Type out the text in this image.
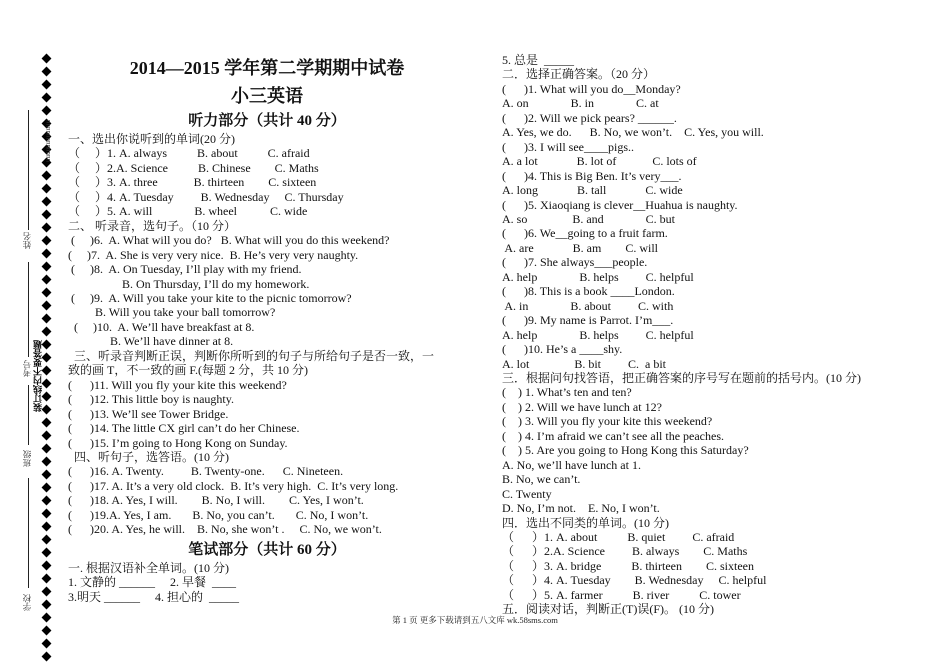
姓名
考号
班级
学校
装订线内不要答题
uuuuuuuuuuuu
2014—2015 学年第二学期期中试卷
小三英语
听力部分（共计 40 分）
一、选出你说听到的单词(20 分)
（     ）1. A. always          B. about          C. afraid
（     ）2.A. Science          B. Chinese        C. Maths
（     ）3. A. three            B. thirteen        C. sixteen
（     ）4. A. Tuesday         B. Wednesday     C. Thursday
（     ）5. A. will              B. wheel           C. wide
二、 听录音，选句子。（10 分）
(     )6.  A. What will you do?   B. What will you do this weekend?
(     )7.  A. She is very very nice.  B. He’s very very naughty.
(     )8.  A. On Tuesday, I’ll play with my friend.
B. On Thursday, I’ll do my homework.
(     )9.  A. Will you take your kite to the picnic tomorrow?
B. Will you take your ball tomorrow?
(     )10.  A. We’ll have breakfast at 8.
B. We’ll have dinner at 8.
三、听录音判断正误，判断你所听到的句子与所给句子是否一致，一
致的画 T，不一致的画 F.(每题 2 分，共 10 分)
(      )11. Will you fly your kite this weekend?
(      )12. This little boy is naughty.
(      )13. We’ll see Tower Bridge.
(      )14. The little CX girl can’t do her Chinese.
(      )15. I’m going to Hong Kong on Sunday.
四、听句子，选答语。(10 分)
(      )16. A. Twenty.         B. Twenty-one.      C. Nineteen.
(      )17. A. It’s a very old clock.  B. It’s very high.  C. It’s very long.
(      )18. A. Yes, I will.        B. No, I will.        C. Yes, I won’t.
(      )19.A. Yes, I am.       B. No, you can’t.       C. No, I won’t.
(      )20. A. Yes, he will.    B. No, she won’t .     C. No, we won’t.
笔试部分（共计 60 分）
一. 根据汉语补全单词。(10 分)
1. 文静的 ______     2. 早餐  ____
3.明天 ______     4. 担心的  _____
5. 总是  _____
二．选择正确答案。（20 分）
(      )1. What will you do__Monday?
A. on              B. in              C. at
(      )2. Will we pick pears? ______.
A. Yes, we do.      B. No, we won’t.    C. Yes, you will.
(      )3. I will see____pigs..
A. a lot             B. lot of            C. lots of
(      )4. This is Big Ben. It’s very___.
A. long             B. tall             C. wide
(      )5. Xiaoqiang is clever__Huahua is naughty.
A. so               B. and              C. but
(      )6. We__going to a fruit farm.
A. are             B. am        C. will
(      )7. She always___people.
A. help              B. helps         C. helpful
(      )8. This is a book ____London.
A. in              B. about         C. with
(      )9. My name is Parrot. I’m___.
A. help              B. helps         C. helpful
(      )10. He’s a ____shy.
A. lot               B. bit         C.  a bit
三．根据问句找答语，把正确答案的序号写在题前的括号内。(10 分)
(    ) 1. What’s ten and ten?
(    ) 2. Will we have lunch at 12?
(    ) 3. Will you fly your kite this weekend?
(    ) 4. I’m afraid we can’t see all the peaches.
(    ) 5. Are you going to Hong Kong this Saturday?
A. No, we’ll have lunch at 1.
B. No, we can’t.
C. Twenty
D. No, I’m not.    E. No, I won’t.
四．选出不同类的单词。(10 分)
（      ）1. A. about          B. quiet         C. afraid
（      ）2.A. Science         B. always        C. Maths
（      ）3. A. bridge          B. thirteen        C. sixteen
（      ）4. A. Tuesday        B. Wednesday     C. helpful
（      ）5. A. farmer          B. river          C. tower
五．阅读对话，判断正(T)误(F)。 (10 分)
第 1 页 更多下载请到五八文库 wk.58sms.com
